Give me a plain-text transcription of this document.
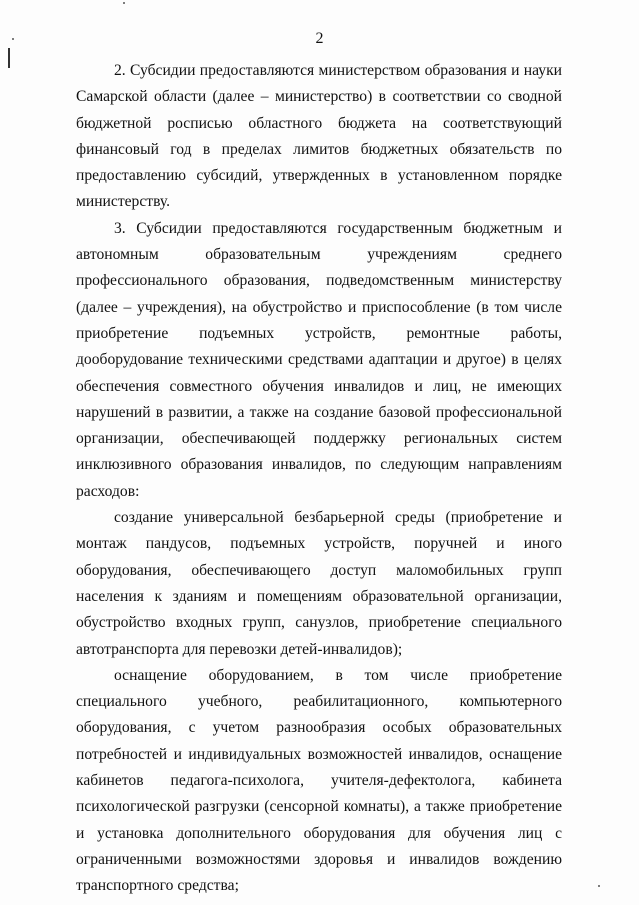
2

2. Субсидии предоставляются министерством образования и науки Самарской области (далее – министерство) в соответствии со сводной бюджетной росписью областного бюджета на соответствующий финансовый год в пределах лимитов бюджетных обязательств по предоставлению субсидий, утвержденных в установленном порядке министерству.

3. Субсидии предоставляются государственным бюджетным и автономным образовательным учреждениям среднего профессионального образования, подведомственным министерству (далее – учреждения), на обустройство и приспособление (в том числе приобретение подъемных устройств, ремонтные работы, дооборудование техническими средствами адаптации и другое) в целях обеспечения совместного обучения инвалидов и лиц, не имеющих нарушений в развитии, а также на создание базовой профессиональной организации, обеспечивающей поддержку региональных систем инклюзивного образования инвалидов, по следующим направлениям расходов:

создание универсальной безбарьерной среды (приобретение и монтаж пандусов, подъемных устройств, поручней и иного оборудования, обеспечивающего доступ маломобильных групп населения к зданиям и помещениям образовательной организации, обустройство входных групп, санузлов, приобретение специального автотранспорта для перевозки детей-инвалидов);

оснащение оборудованием, в том числе приобретение специального учебного, реабилитационного, компьютерного оборудования, с учетом разнообразия особых образовательных потребностей и индивидуальных возможностей инвалидов, оснащение кабинетов педагога-психолога, учителя-дефектолога, кабинета психологической разгрузки (сенсорной комнаты), а также приобретение и установка дополнительного оборудования для обучения лиц с ограниченными возможностями здоровья и инвалидов вождению транспортного средства;
